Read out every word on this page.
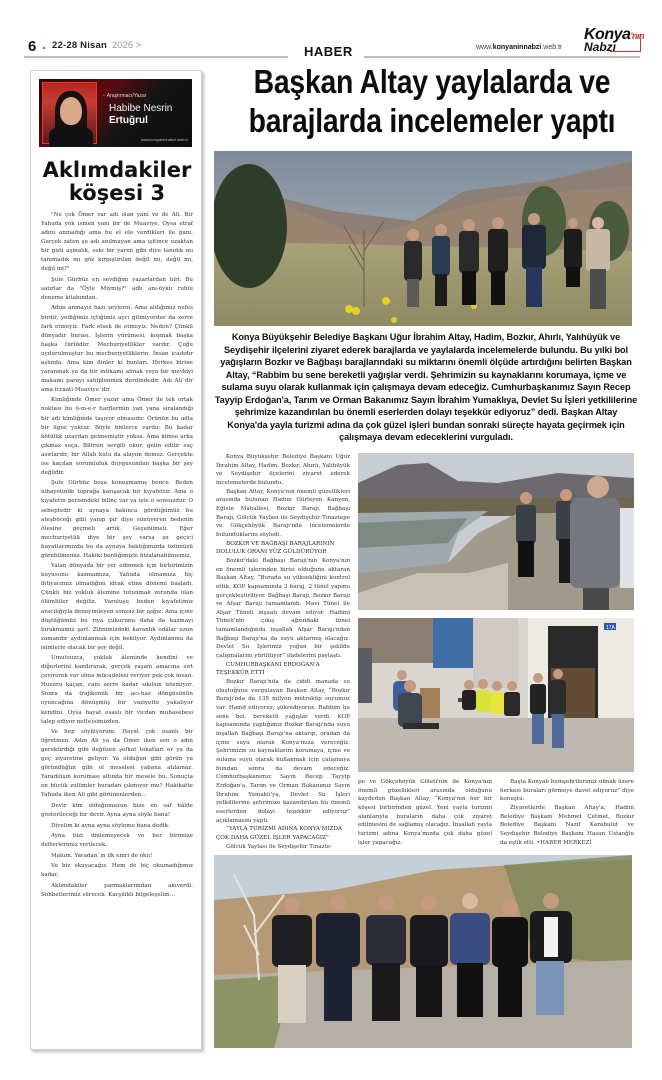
6 . 22-28 Nisan 2026 >	HABER	www.konyaninnabzi.web.tr
Konya'nın
Nabzı
• Araştırmacı/Yazar
Habibe Nesrin
Ertuğrul
www.konyaninnabzi.web.tr
Aklımdakiler
köşesi 3

"Ne çok Ömer var adı olan yani ve de Ali. Bir Yahuda yok ismen yani bir de Muaviye. Oysa etraf adını anmadığı ama bu el ele verdikleri ile gani. Gerçek zaten şu adı anılmayan ama işitince uzaktan bir gizli aşinalık, eski bir yaren gibi diye tanıdık mı tanımadık mı göz kırpıştırılan değil mi, değil mi, değil mi?"

Şule Gürbüz en sevdiğim yazarlardan biri. Bu satırlar da "Öyle Miymiş?" adlı anı-öykü ruhlu deneme kitabından.

Adını anmayız bazı şeylerin. Ama aldığımız nefes birdir, yediğimiz içtiğimiz ayrı gitmiyordur da zerre fark etmeyiz. Fark etsek de etmeyiz. Neden? Çünkü dünyadır burası. İşlerin yürümesi, koşmak başka başka türlüdür. Mecburiyetlikler vardır. Çoğu uydurulmuştur bu mecburiyetliklerin. İnsan icadıdır aslında. Ama kim dinler ki bunları. Herkes birine yaranmak ya da bir intikamı almak veya bir mevkiyi makamı parayı sahiplenmek derdindedir. Adı Ali´dir ama icraatı Muaviye´dir.

Kimliğinde Ömer yazar ama Ömer ile tek ortak noktası bu ö-m-e-r harflerinin yan yana sıralandığı bir adı kimliğinde taşıyor olmasıdır. Örünün bu adla bir ilgisi yoktur. Böyle binlerce vardır. Bu kadar kötülük uzaydan gelmemiştir yoksa. Ama kimse arka çıkmaz suça. Bilirsin sevgili okur, gelin edilir suç asırlardır, bir Allah kulu da alayım demez. Gerçekte ise kaçılan sorumluluk duygusundan başka bir şey değildir.

Şule Gürbüz boşa konuşmamış bence. Beden nihayetinde toprağa karışacak bir kıyafettir. Ama o kıyafetin gerisindeki bilinç var ya işte o sonsuzdur. O sebeptedir ki aynaya bakınca gördüğümüz bu ateşböceği gibi yanıp pır diye sönüveren bedenin ötesine geçmeli artık. Geçebilmeli. Eğer mecburiyetlik diye bir şey varsa şu geçici hayatlarımızda bu da aynaya baktığımızda özümüzü görebilmemiz. Hakiki benliğimizle hizalanabilmemiz.

Yalan dünyada bir yer edinmek için birbirimizin kuyusunu kazmamıza, Yahuda olmamıza hiç ihtiyacımız olmadığını idrak etme dönemi başladı. Çünkü biz yokluk âlemine tutunmak zorunda olan ölümlüler değiliz. Varoluşu beden kıyafetimiz aracılığıyla deneyimleyen sonsuz bir ışığız. Ama içine düştüğümüz bu rıya çukurunu daha da kazmayı bırakmamız şart. Zihnimizdeki karanlık odalar uzun zamandır aydınlanmak için bekliyor. Aydınlanma da isimlerle olacak bir şey değil.

Umutsuzca, yokluk âleminde kendini ve diğerlerini kandırarak, gerçek yaşam amacına sırt çevirerek var olma mücadelesi veriyor pek çok insan. Huzuru kaçan, canı zerre kadar sıkılsın istemiyor. Sonra da trajikomik bir acı-haz döngüsünün oyuncağına dönüşmüş bir vaziyette yakalıyor kendini. Oysa hayat esaslı bir vicdan muhasebesi talep ediyor nef(e)simizden.

Ve hep söylüyorum: Hayat çok usanlı bir öğretmen. Adın Ali ya da Ömer iken sen o adın gerektirdiği gibi değilsen şefkat tokatları er ya da geç ziyaretine geliyor. Ya olduğun gibi görün ya göründüğün gibi ol meselesi yabana atılamaz. Yaradılışın koruması altında bir mesele bu. Sonuçta en büyük zulümler buradan çıkmıyor mu? Hakikatte Yahuda iken Ali gibi görünenlerden…

Devir kim olduğumuzun bize en saf hâlde gösterileceği bir devir. Ayna ayna söyle bana!

Diyelim ki ayna ayna söyleme bana dedik.

Ayna bizi dinlemeyecek ve her birimize defterlerimiz verilecek.

Malum. Yaradan´ın ilk emri de oku!

Ve biz okuyacağız. Hem de hiç okumadığımız kadar.

Aklımdakiler parmaklarımdan akıverdi. Sohbetlerimiz sürecek. Karşılıklı bilgeleşelim…

Başkan Altay yaylalarda ve
barajlarda incelemeler yaptı
Konya Büyükşehir Belediye Başkanı Uğur İbrahim Altay, Hadim, Bozkır, Ahırlı, Yalıhüyük ve Seydişehir ilçelerini ziyaret ederek barajlarda ve yaylalarda incelemelerde bulundu. Bu yılki bol yağışların Bozkır ve Bağbaşı barajlarındaki su miktarını önemli ölçüde artırdığını belirten Başkan Altay, “Rabbim bu sene bereketli yağışlar verdi. Şehrimizin su kaynaklarını korumaya, içme ve sulama suyu olarak kullanmak için çalışmaya devam edeceğiz. Cumhurbaşkanımız Sayın Recep Tayyip Erdoğan'a, Tarım ve Orman Bakanımız Sayın İbrahim Yumaklıya, Devlet Su İşleri yetkililerine şehrimize kazandırılan bu önemli eserlerden dolayı teşekkür ediyoruz” dedi. Başkan Altay Konya'da yayla turizmi adına da çok güzel işleri bundan sonraki süreçte hayata geçirmek için çalışmaya devam edeceklerini vurguladı.

Konya Büyükşehir Belediye Başkanı Uğur İbrahim Altay, Hadim, Bozkır, Ahırlı, Yalıhüyük ve Seydişehir ilçelerini ziyaret ederek incelemelerde bulundu.

Başkan Altay, Konya'nın önemli güzellikleri arasında bulunan Hadim Gürleyen Kanyon, Eğiste Mahallesi, Bozkır Barajı, Bağbaşı Barajı, Gölcük Yaylası ile Seydişehir Tınaztepe ve Gökçehöyük Barajı'nda incelemelerde bulunduklarını söyledi.

BOZKIR VE BAĞBAŞI BARAJLARININ DOLULUK ORANI YÜZ GÜLDÜRÜYOR

Bozkır'daki Bağbaşı Barajı'nın Konya'nın en önemli işlerinden birisi olduğunu aktaran Başkan Altay, “Burada su yüksekliğini kontrol ettik. KOP kapsamında 3 baraj, 2 tünel yapımı gerçekleştiriliyor. Bağbaşı Barajı, Bozkır Barajı ve Afşar Barajı tamamlandı. Mavi Tünel ile Afşar Tüneli inşaatı devam ediyor. Hadimi Tüneli'nin çıkış ağzındaki tünel tamamlandığında inşallah Afşar Barajı'ndan Bağbaşı Barajı'na da suyu aktarmış olacağız. Devlet Su İşlerimiz yoğun bir şekilde çalışmalarını yürütüyor” ifadelerini paylaştı.

CUMHURBAŞKANI ERDOĞAN'A TEŞEKKÜR ETTİ

Bozkır Barajı'nda da ciddi manada su oluştuğunu vurgulayan Başkan Altay, “Bozkır Barajı'nda da 135 milyon metreküp suyumuz var. Hamd ediyoruz, şükrediyoruz. Rabbim bu sene bol, bereketli yağışlar verdi. KOP kapsamında yaptığımız Bozkır Barajı'nda suyu inşallah Bağbaşı Barajı'na aktarıp, oradan da içme suyu olarak Konya'mıza vereceğiz. Şehrimizin su kaynaklarını korumaya, içme ve sulama suyu olarak kullanmak için çalışmaya bundan sonra da devam edeceğiz. Cumhurbaşkanımız Sayın Recep Tayyip Erdoğan'a, Tarım ve Orman Bakanımız Sayın İbrahim Yumaklı'ya, Devlet Su İşleri yetkililerine şehrimize kazandırılan bu önemli eserlerden dolayı teşekkür ediyoruz” açıklamasını yaptı.

“YAYLA TURİZMİ ADINA KONYA'MIZDA ÇOK DAHA GÜZEL İŞLER YAPACAĞIZ”

Gölcük Yaylası ile Seydişehir Tınazte-

17A

pe ve Gökçehöyük Göleti'nin de Konya'nın önemli güzellikleri arasında olduğunu kaydeden Başkan Altay, “Konya'nın her bir köşesi birbirinden güzel. Yeni yayla turizmi alanlarıyla buraların daha çok ziyaret edilmesini de sağlamış olacağız. İnşallah yayla turizmi adına Konya'mızda çok daha güzel işler yapacağız.

Başta Konyalı hemşehrilerimiz olmak üzere herkesi buraları görmeye davet ediyoruz” diye konuştu.

Ziyaretlerde Başkan Altay'a; Hadim Belediye Başkanı Mehmet Çetinet, Bozkır Belediye Başkanı Nazif Karabulut ve Seydişehir Belediye Başkanı Hasan Ustaoğlu da eşlik etti. •HABER MERKEZİ
